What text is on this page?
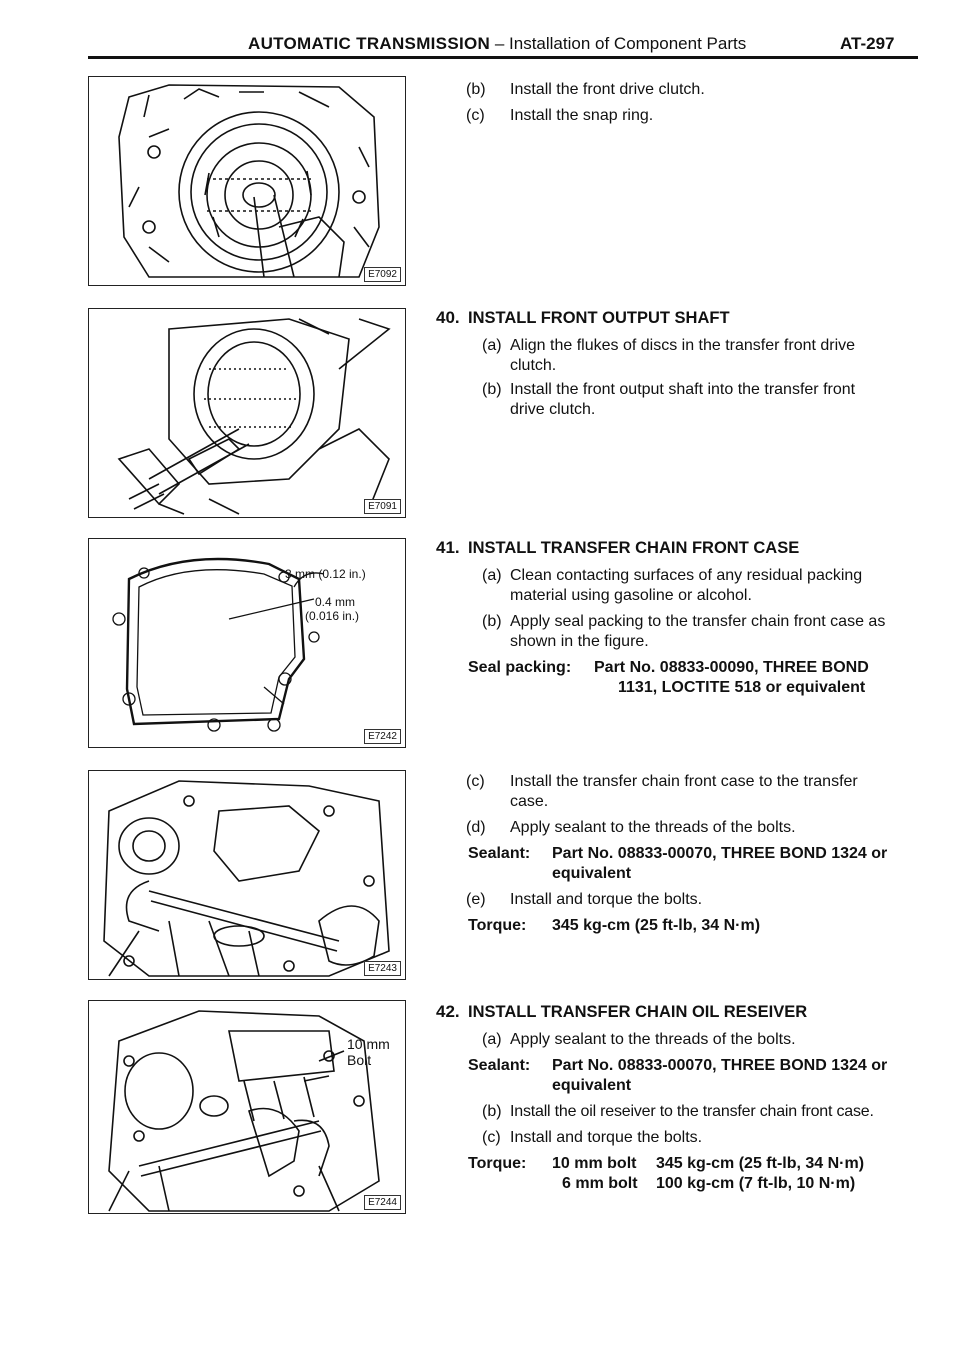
AUTOMATIC TRANSMISSION – Installation of Component Parts	AT-297
E7092
E7091
3 mm (0.12 in.)
0.4 mm
(0.016 in.)
E7242
E7243
10 mm
Bolt
E7244
(b) Install the front drive clutch.
(c) Install the snap ring.
40. INSTALL FRONT OUTPUT SHAFT
(a) Align the flukes of discs in the transfer front drive
clutch.
(b) Install the front output shaft into the transfer front
drive clutch.
41. INSTALL TRANSFER CHAIN FRONT CASE
(a) Clean contacting surfaces of any residual packing
material using gasoline or alcohol.
(b) Apply seal packing to the transfer chain front case as
shown in the figure.
Seal packing: Part No. 08833-00090, THREE BOND
1131, LOCTITE 518 or equivalent
(c) Install the transfer chain front case to the transfer
case.
(d) Apply sealant to the threads of the bolts.
Sealant: Part No. 08833-00070, THREE BOND 1324 or
equivalent
(e) Install and torque the bolts.
Torque: 345 kg-cm (25 ft-lb, 34 N·m)
42. INSTALL TRANSFER CHAIN OIL RESEIVER
(a) Apply sealant to the threads of the bolts.
Sealant: Part No. 08833-00070, THREE BOND 1324 or
equivalent
(b) Install the oil reseiver to the transfer chain front case.
(c) Install and torque the bolts.
Torque: 10 mm bolt 345 kg-cm (25 ft-lb, 34 N·m)
6 mm bolt 100 kg-cm (7 ft-lb, 10 N·m)
